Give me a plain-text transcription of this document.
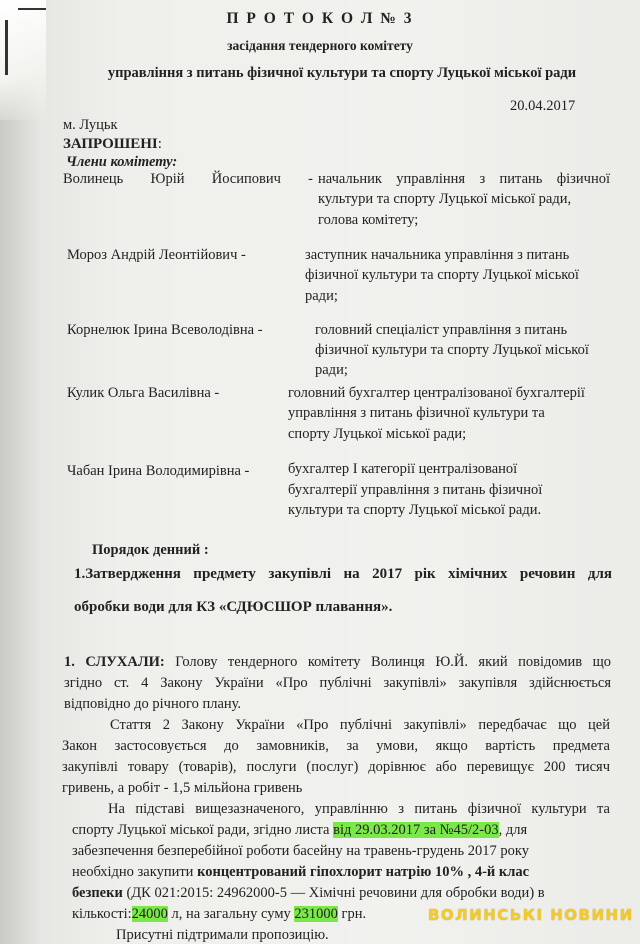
П Р О Т О К О Л № 3
засідання тендерного комітету
управління з питань фізичної культури та спорту Луцької міської ради
20.04.2017
м. Луцьк
ЗАПРОШЕНІ:
Члени комітету:
Волинець Юрій Йосипович - начальник управління з питань фізичної
культури та спорту Луцької міської ради,
голова комітету;
Мороз Андрій Леонтійович -	заступник начальника управління з питань
фізичної культури та спорту Луцької міської
ради;
Корнелюк Ірина Всеволодівна -	головний спеціаліст управління з питань
фізичної культури та спорту Луцької міської
ради;
Кулик Ольга Василівна -	головний бухгалтер централізованої бухгалтерії
управління з питань фізичної культури та
спорту Луцької міської ради;
Чабан Ірина Володимирівна -	бухгалтер І категорії централізованої
бухгалтерії управління з питань фізичної
культури та спорту Луцької міської ради.
Порядок денний :
1.Затвердження предмету закупівлі на 2017 рік хімічних речовин для
обробки води для КЗ «СДЮСШОР плавання».
1. СЛУХАЛИ: Голову тендерного комітету Волинця Ю.Й. який повідомив що
згідно ст. 4 Закону України «Про публічні закупівлі» закупівля здійснюється
відповідно до річного плану.
Стаття 2 Закону України «Про публічні закупівлі» передбачає що цей
Закон застосовується до замовників, за умови, якщо вартість предмета
закупівлі товару (товарів), послуги (послуг) дорівнює або перевищує 200 тисяч
гривень, а робіт - 1,5 мільйона гривень
На підставі вищезазначеного, управлінню з питань фізичної культури та
спорту Луцької міської ради, згідно листа від 29.03.2017 за №45/2-03, для
забезпечення безперебійної роботи басейну на травень-грудень 2017 року
необхідно закупити концентрований гіпохлорит натрію 10% , 4-й клас
безпеки (ДК 021:2015: 24962000-5 — Хімічні речовини для обробки води) в
кількості:24000 л, на загальну суму 231000 грн.
Присутні підтримали пропозицію.
ВОЛИНСЬКІ НОВИНИ
